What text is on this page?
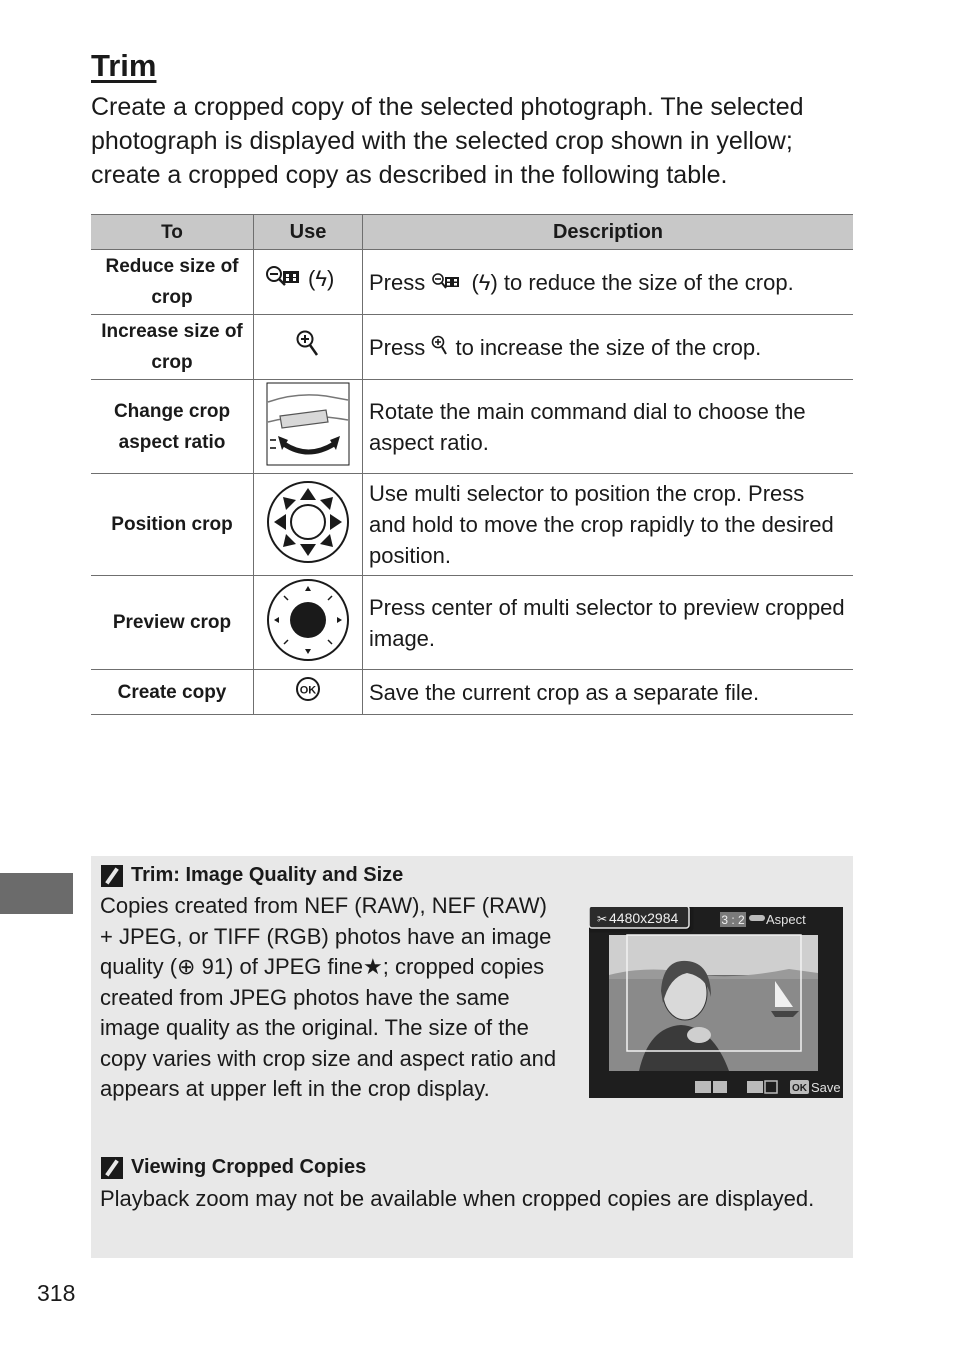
Trim
Create a cropped copy of the selected photograph. The selected photograph is displayed with the selected crop shown in yellow; create a cropped copy as described in the following table.
To	Use	Description
Reduce size of crop	(ϟ)	Press  (ϟ) to reduce the size of the crop.
Increase size of crop		Press  to increase the size of the crop.
Change crop aspect ratio		Rotate the main command dial to choose the aspect ratio.
Position crop		Use multi selector to position the crop. Press and hold to move the crop rapidly to the desired position.
Preview crop		Press center of multi selector to preview cropped image.
Create copy	OK	Save the current crop as a separate file.
Trim: Image Quality and Size
Copies created from NEF (RAW), NEF (RAW) + JPEG, or TIFF (RGB) photos have an image quality (⊕ 91) of JPEG fine★; cropped copies created from JPEG photos have the same image quality as the original. The size of the copy varies with crop size and aspect ratio and appears at upper left in the crop display.
Viewing Cropped Copies
Playback zoom may not be available when cropped copies are displayed.
✂ 4480x2984	3 : 2 Aspect
OK Save
318
